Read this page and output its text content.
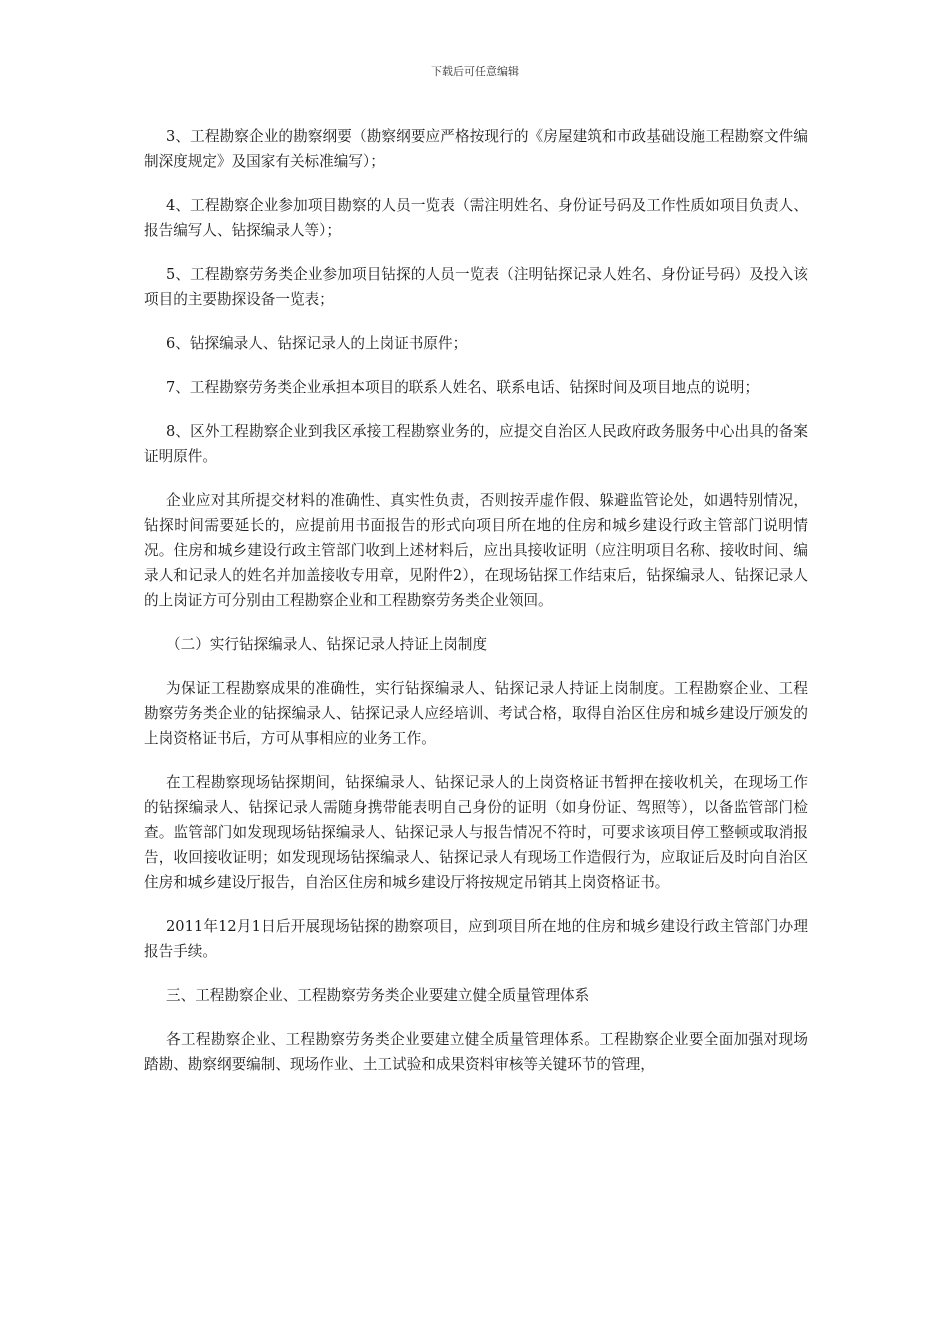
下载后可任意编辑

3、工程勘察企业的勘察纲要（勘察纲要应严格按现行的《房屋建筑和市政基础设施工程勘察文件编制深度规定》及国家有关标准编写）；

4、工程勘察企业参加项目勘察的人员一览表（需注明姓名、身份证号码及工作性质如项目负责人、报告编写人、钻探编录人等）；

5、工程勘察劳务类企业参加项目钻探的人员一览表（注明钻探记录人姓名、身份证号码）及投入该项目的主要勘探设备一览表；

6、钻探编录人、钻探记录人的上岗证书原件；

7、工程勘察劳务类企业承担本项目的联系人姓名、联系电话、钻探时间及项目地点的说明；

8、区外工程勘察企业到我区承接工程勘察业务的，应提交自治区人民政府政务服务中心出具的备案证明原件。

企业应对其所提交材料的准确性、真实性负责，否则按弄虚作假、躲避监管论处，如遇特别情况，钻探时间需要延长的，应提前用书面报告的形式向项目所在地的住房和城乡建设行政主管部门说明情况。住房和城乡建设行政主管部门收到上述材料后，应出具接收证明（应注明项目名称、接收时间、编录人和记录人的姓名并加盖接收专用章，见附件2），在现场钻探工作结束后，钻探编录人、钻探记录人的上岗证方可分别由工程勘察企业和工程勘察劳务类企业领回。

（二）实行钻探编录人、钻探记录人持证上岗制度

为保证工程勘察成果的准确性，实行钻探编录人、钻探记录人持证上岗制度。工程勘察企业、工程勘察劳务类企业的钻探编录人、钻探记录人应经培训、考试合格，取得自治区住房和城乡建设厅颁发的上岗资格证书后，方可从事相应的业务工作。

在工程勘察现场钻探期间，钻探编录人、钻探记录人的上岗资格证书暂押在接收机关，在现场工作的钻探编录人、钻探记录人需随身携带能表明自己身份的证明（如身份证、驾照等），以备监管部门检查。监管部门如发现现场钻探编录人、钻探记录人与报告情况不符时，可要求该项目停工整顿或取消报告，收回接收证明；如发现现场钻探编录人、钻探记录人有现场工作造假行为，应取证后及时向自治区住房和城乡建设厅报告，自治区住房和城乡建设厅将按规定吊销其上岗资格证书。

2011年12月1日后开展现场钻探的勘察项目，应到项目所在地的住房和城乡建设行政主管部门办理报告手续。

三、工程勘察企业、工程勘察劳务类企业要建立健全质量管理体系

各工程勘察企业、工程勘察劳务类企业要建立健全质量管理体系。工程勘察企业要全面加强对现场踏勘、勘察纲要编制、现场作业、土工试验和成果资料审核等关键环节的管理，
